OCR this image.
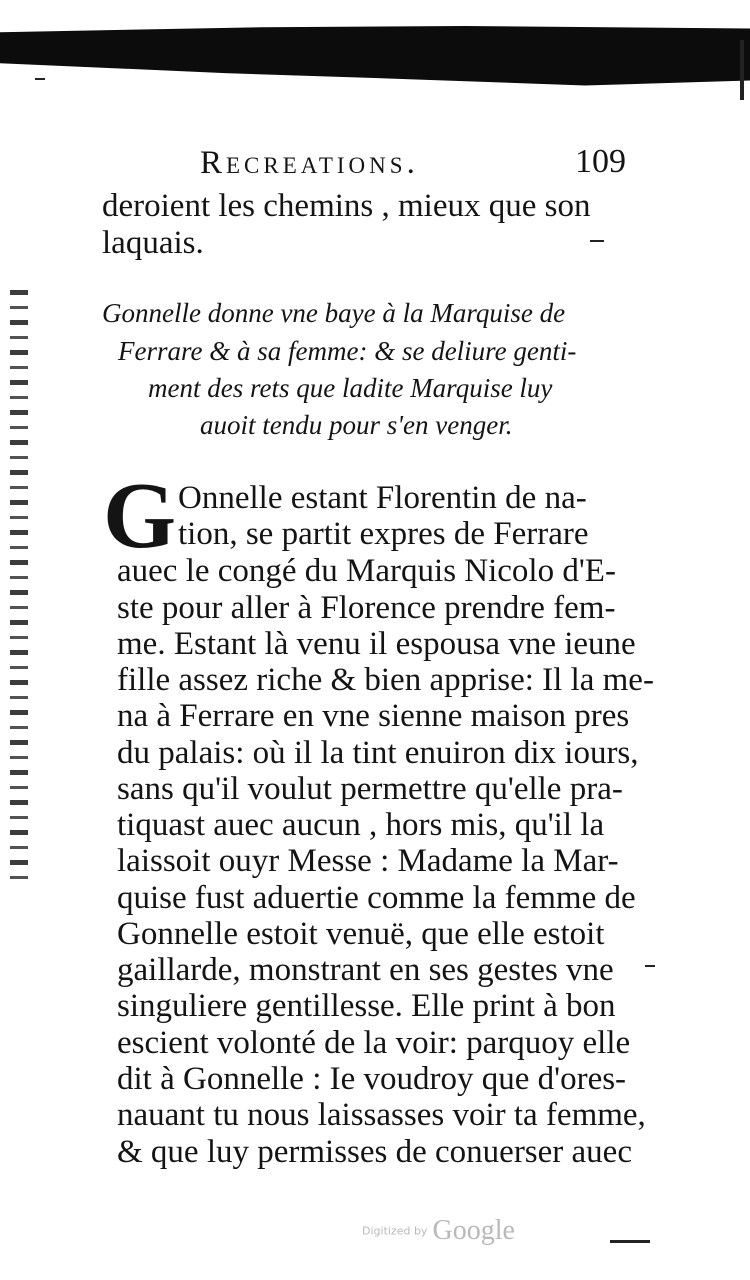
Recreations.	109
deroient les chemins , mieux que son
laquais.
Gonnelle donne vne baye à la Marquise de
Ferrare & à sa femme: & se deliure genti-
ment des rets que ladite Marquise luy
auoit tendu pour s'en venger.
G Onnelle estant Florentin de na-
tion, se partit expres de Ferrare
auec le congé du Marquis Nicolo d'E-
ste pour aller à Florence prendre fem-
me. Estant là venu il espousa vne ieune
fille assez riche & bien apprise: Il la me-
na à Ferrare en vne sienne maison pres
du palais: où il la tint enuiron dix iours,
sans qu'il voulut permettre qu'elle pra-
tiquast auec aucun , hors mis, qu'il la
laissoit ouyr Messe : Madame la Mar-
quise fust aduertie comme la femme de
Gonnelle estoit venuë, que elle estoit
gaillarde, monstrant en ses gestes vne
singuliere gentillesse. Elle print à bon
escient volonté de la voir: parquoy elle
dit à Gonnelle : Ie voudroy que d'ores-
nauant tu nous laissasses voir ta femme,
& que luy permisses de conuerser auec
Digitized by Google
